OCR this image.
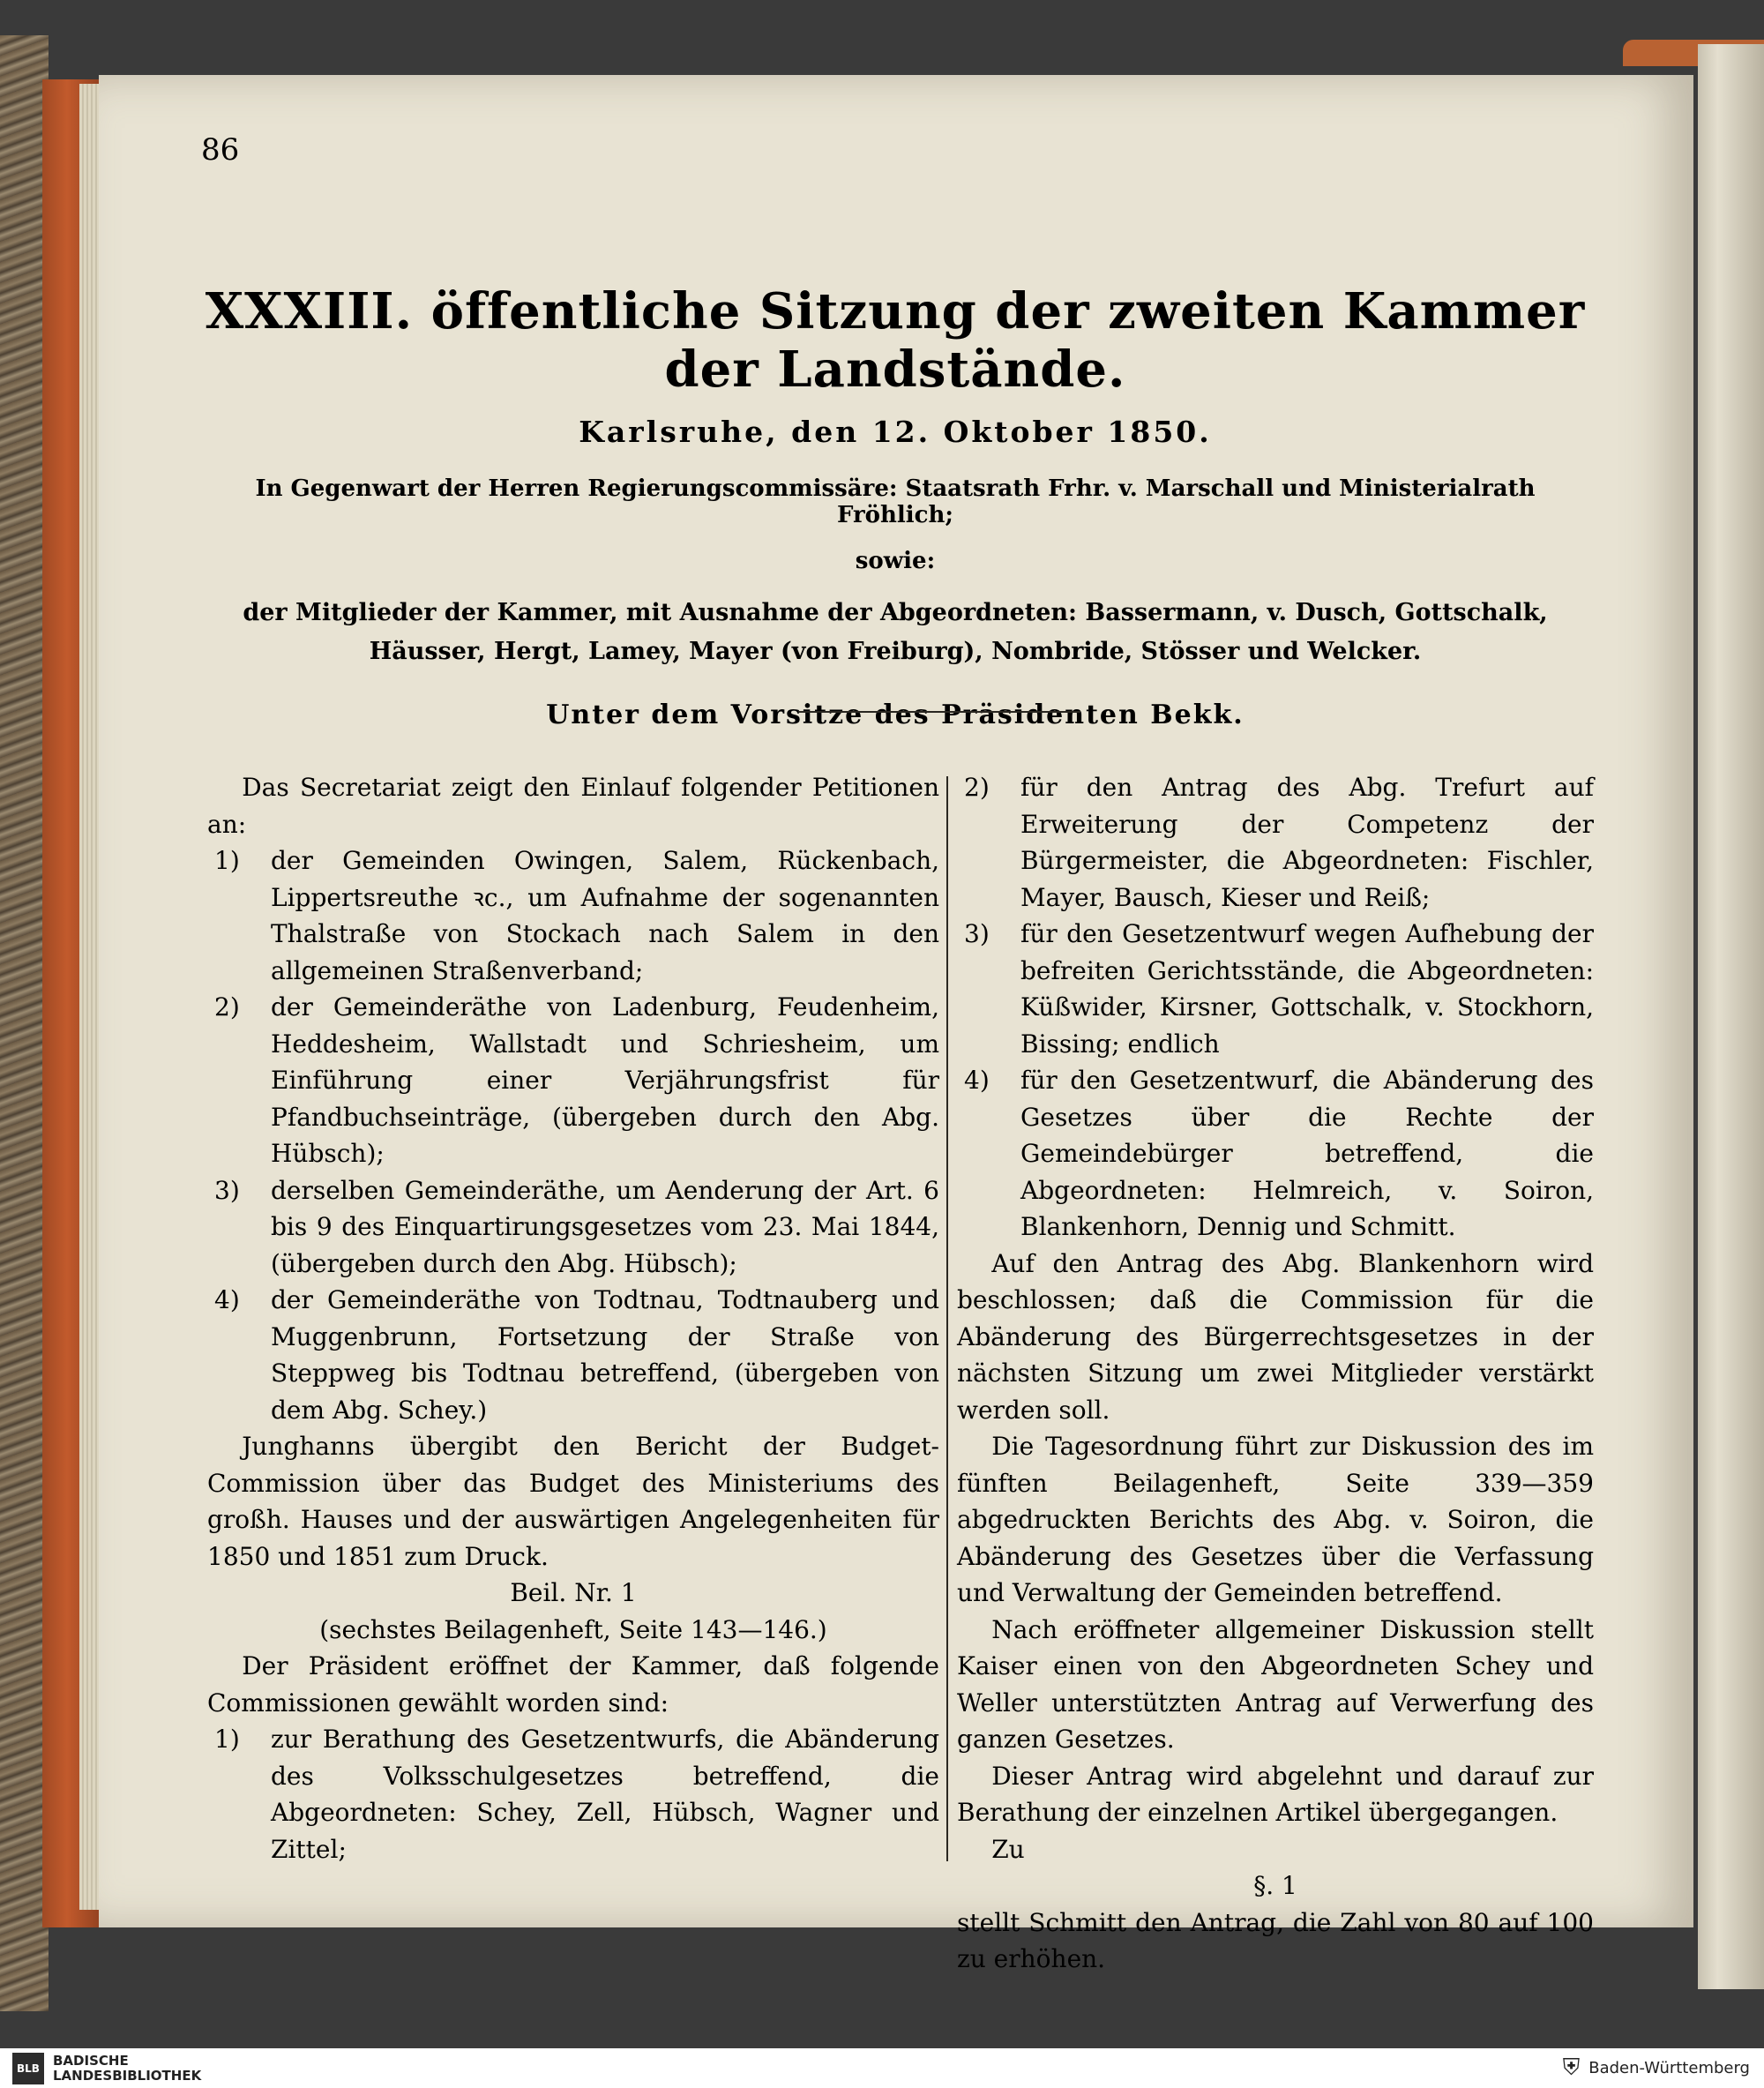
86

XXXIII. öffentliche Sitzung der zweiten Kammer der Landstände.

Karlsruhe, den 12. Oktober 1850.

In Gegenwart der Herren Regierungscommissäre: Staatsrath Frhr. v. Marschall und Ministerialrath Fröhlich;

sowie:

der Mitglieder der Kammer, mit Ausnahme der Abgeordneten: Bassermann, v. Dusch, Gottschalk, Häusser, Hergt, Lamey, Mayer (von Freiburg), Nombride, Stösser und Welcker.

Unter dem Vorsitze des Präsidenten Bekk.

Das Secretariat zeigt den Einlauf folgender Petitionen an:

1)	der Gemeinden Owingen, Salem, Rückenbach, Lippertsreuthe ꝛc., um Aufnahme der sogenannten Thalstraße von Stockach nach Salem in den allgemeinen Straßenverband;
2)	der Gemeinderäthe von Ladenburg, Feudenheim, Heddesheim, Wallstadt und Schriesheim, um Einführung einer Verjährungsfrist für Pfandbuchseinträge, (übergeben durch den Abg. Hübsch);
3)	derselben Gemeinderäthe, um Aenderung der Art. 6 bis 9 des Einquartirungsgesetzes vom 23. Mai 1844, (übergeben durch den Abg. Hübsch);
4)	der Gemeinderäthe von Todtnau, Todtnauberg und Muggenbrunn, Fortsetzung der Straße von Steppweg bis Todtnau betreffend, (übergeben von dem Abg. Schey.)

Junghanns übergibt den Bericht der Budget-Commission über das Budget des Ministeriums des großh. Hauses und der auswärtigen Angelegenheiten für 1850 und 1851 zum Druck.

Beil. Nr. 1

(sechstes Beilagenheft, Seite 143—146.)

Der Präsident eröffnet der Kammer, daß folgende Commissionen gewählt worden sind:

1)	zur Berathung des Gesetzentwurfs, die Abänderung des Volksschulgesetzes betreffend, die Abgeordneten: Schey, Zell, Hübsch, Wagner und Zittel;
2)	für den Antrag des Abg. Trefurt auf Erweiterung der Competenz der Bürgermeister, die Abgeordneten: Fischler, Mayer, Bausch, Kieser und Reiß;
3)	für den Gesetzentwurf wegen Aufhebung der befreiten Gerichtsstände, die Abgeordneten: Küßwider, Kirsner, Gottschalk, v. Stockhorn, Bissing; endlich
4)	für den Gesetzentwurf, die Abänderung des Gesetzes über die Rechte der Gemeindebürger betreffend, die Abgeordneten: Helmreich, v. Soiron, Blankenhorn, Dennig und Schmitt.

Auf den Antrag des Abg. Blankenhorn wird beschlossen; daß die Commission für die Abänderung des Bürgerrechtsgesetzes in der nächsten Sitzung um zwei Mitglieder verstärkt werden soll.

Die Tagesordnung führt zur Diskussion des im fünften Beilagenheft, Seite 339—359 abgedruckten Berichts des Abg. v. Soiron, die Abänderung des Gesetzes über die Verfassung und Verwaltung der Gemeinden betreffend.

Nach eröffneter allgemeiner Diskussion stellt Kaiser einen von den Abgeordneten Schey und Weller unterstützten Antrag auf Verwerfung des ganzen Gesetzes.

Dieser Antrag wird abgelehnt und darauf zur Berathung der einzelnen Artikel übergegangen.

Zu

§. 1

stellt Schmitt den Antrag, die Zahl von 80 auf 100 zu erhöhen.

BLB	BADISCHE
LANDESBIBLIOTHEK	⛨ Baden-Württemberg
